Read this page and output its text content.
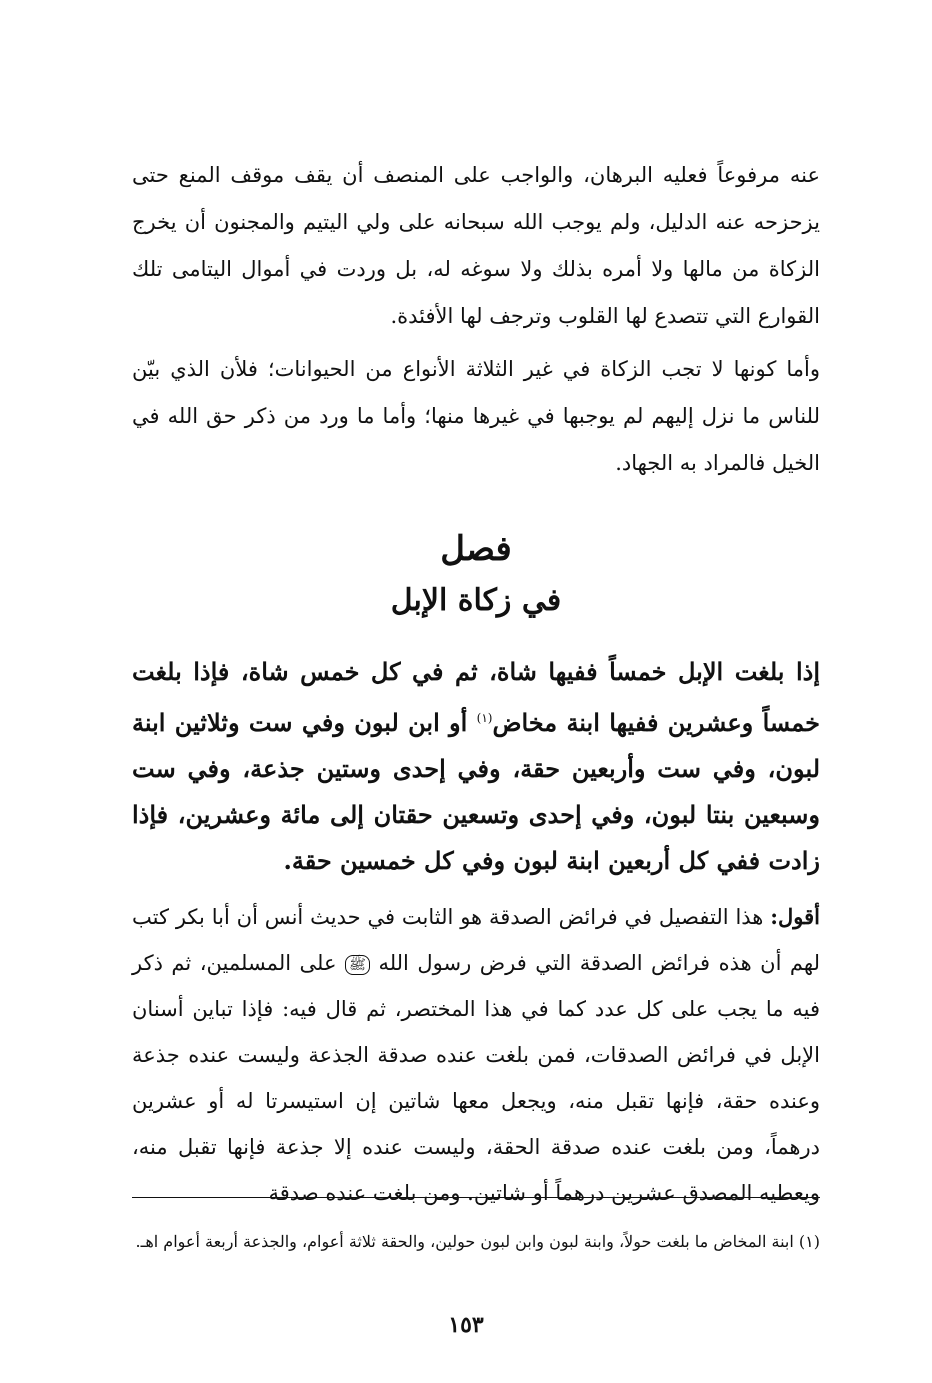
عنه مرفوعاً فعليه البرهان، والواجب على المنصف أن يقف موقف المنع حتى يزحزحه عنه الدليل، ولم يوجب الله سبحانه على ولي اليتيم والمجنون أن يخرج الزكاة من مالها ولا أمره بذلك ولا سوغه له، بل وردت في أموال اليتامى تلك القوارع التي تتصدع لها القلوب وترجف لها الأفئدة.

وأما كونها لا تجب الزكاة في غير الثلاثة الأنواع من الحيوانات؛ فلأن الذي بيّن للناس ما نزل إليهم لم يوجبها في غيرها منها؛ وأما ما ورد من ذكر حق الله في الخيل فالمراد به الجهاد.

فصل
في زكاة الإبل

إذا بلغت الإبل خمساً ففيها شاة، ثم في كل خمس شاة، فإذا بلغت خمساً وعشرين ففيها ابنة مخاض$^{(١)}$ أو ابن لبون وفي ست وثلاثين ابنة لبون، وفي ست وأربعين حقة، وفي إحدى وستين جذعة، وفي ست وسبعين بنتا لبون، وفي إحدى وتسعين حقتان إلى مائة وعشرين، فإذا زادت ففي كل أربعين ابنة لبون وفي كل خمسين حقة.

أقول: هذا التفصيل في فرائض الصدقة هو الثابت في حديث أنس أن أبا بكر كتب لهم أن هذه فرائض الصدقة التي فرض رسول الله ﷺ على المسلمين، ثم ذكر فيه ما يجب على كل عدد كما في هذا المختصر، ثم قال فيه: فإذا تباين أسنان الإبل في فرائض الصدقات، فمن بلغت عنده صدقة الجذعة وليست عنده جذعة وعنده حقة، فإنها تقبل منه، ويجعل معها شاتين إن استيسرتا له أو عشرين درهماً، ومن بلغت عنده صدقة الحقة، وليست عنده إلا جذعة فإنها تقبل منه، ويعطيه المصدق عشرين درهماً أو شاتين. ومن بلغت عنده صدقة

(١) ابنة المخاض ما بلغت حولاً، وابنة لبون وابن لبون حولين، والحقة ثلاثة أعوام، والجذعة أربعة أعوام اهـ.
١٥٣
